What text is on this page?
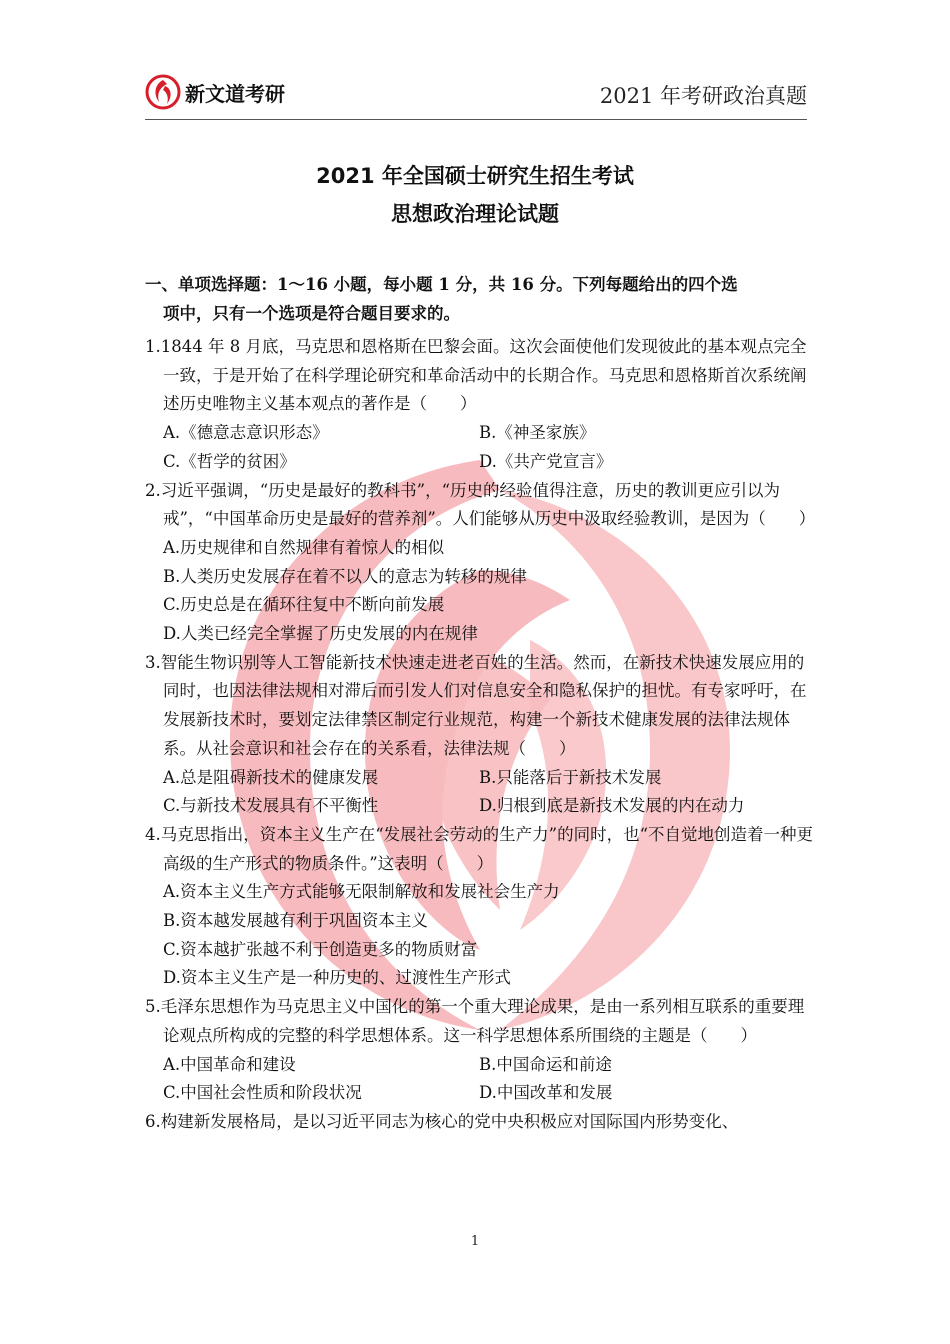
新文道考研	2021 年考研政治真题
2021 年全国硕士研究生招生考试
思想政治理论试题
一、单项选择题：1～16 小题，每小题 1 分，共 16 分。下列每题给出的四个选
项中，只有一个选项是符合题目要求的。
1.1844 年 8 月底，马克思和恩格斯在巴黎会面。这次会面使他们发现彼此的基本观点完全一致，于是开始了在科学理论研究和革命活动中的长期合作。马克思和恩格斯首次系统阐述历史唯物主义基本观点的著作是（　　）
A.《德意志意识形态》	B.《神圣家族》
C.《哲学的贫困》	D.《共产党宣言》
2.习近平强调，“历史是最好的教科书”，“历史的经验值得注意，历史的教训更应引以为戒”，“中国革命历史是最好的营养剂”。人们能够从历史中汲取经验教训，是因为（　　）
A.历史规律和自然规律有着惊人的相似
B.人类历史发展存在着不以人的意志为转移的规律
C.历史总是在循环往复中不断向前发展
D.人类已经完全掌握了历史发展的内在规律
3.智能生物识别等人工智能新技术快速走进老百姓的生活。然而，在新技术快速发展应用的同时，也因法律法规相对滞后而引发人们对信息安全和隐私保护的担忧。有专家呼吁，在发展新技术时，要划定法律禁区制定行业规范，构建一个新技术健康发展的法律法规体系。从社会意识和社会存在的关系看，法律法规（　　）
A.总是阻碍新技术的健康发展	B.只能落后于新技术发展
C.与新技术发展具有不平衡性	D.归根到底是新技术发展的内在动力
4.马克思指出，资本主义生产在“发展社会劳动的生产力”的同时，也“不自觉地创造着一种更高级的生产形式的物质条件。”这表明（　　）
A.资本主义生产方式能够无限制解放和发展社会生产力
B.资本越发展越有利于巩固资本主义
C.资本越扩张越不利于创造更多的物质财富
D.资本主义生产是一种历史的、过渡性生产形式
5.毛泽东思想作为马克思主义中国化的第一个重大理论成果，是由一系列相互联系的重要理论观点所构成的完整的科学思想体系。这一科学思想体系所围绕的主题是（　　）
A.中国革命和建设	B.中国命运和前途
C.中国社会性质和阶段状况	D.中国改革和发展
6.构建新发展格局，是以习近平同志为核心的党中央积极应对国际国内形势变化、
1
